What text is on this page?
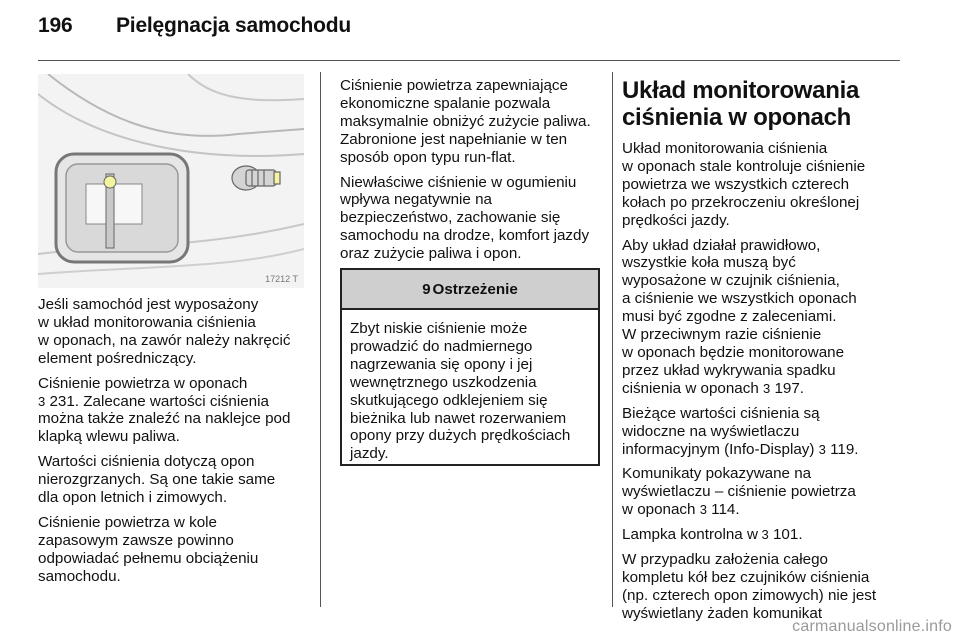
196 Pielęgnacja samochodu
17212 T

Jeśli samochód jest wyposażony
w układ monitorowania ciśnienia
w oponach, na zawór należy nakręcić
element pośredniczący.

Ciśnienie powietrza w oponach
3 231. Zalecane wartości ciśnienia
można także znaleźć na naklejce pod
klapką wlewu paliwa.

Wartości ciśnienia dotyczą opon
nierozgrzanych. Są one takie same
dla opon letnich i zimowych.

Ciśnienie powietrza w kole
zapasowym zawsze powinno
odpowiadać pełnemu obciążeniu
samochodu.

Ciśnienie powietrza zapewniające
ekonomiczne spalanie pozwala
maksymalnie obniżyć zużycie paliwa.
Zabronione jest napełnianie w ten
sposób opon typu run-flat.

Niewłaściwe ciśnienie w ogumieniu
wpływa negatywnie na
bezpieczeństwo, zachowanie się
samochodu na drodze, komfort jazdy
oraz zużycie paliwa i opon.

9 Ostrzeżenie
Zbyt niskie ciśnienie może
prowadzić do nadmiernego
nagrzewania się opony i jej
wewnętrznego uszkodzenia
skutkującego odklejeniem się
bieżnika lub nawet rozerwaniem
opony przy dużych prędkościach
jazdy.
Układ monitorowania
ciśnienia w oponach

Układ monitorowania ciśnienia
w oponach stale kontroluje ciśnienie
powietrza we wszystkich czterech
kołach po przekroczeniu określonej
prędkości jazdy.

Aby układ działał prawidłowo,
wszystkie koła muszą być
wyposażone w czujnik ciśnienia,
a ciśnienie we wszystkich oponach
musi być zgodne z zaleceniami.
W przeciwnym razie ciśnienie
w oponach będzie monitorowane
przez układ wykrywania spadku
ciśnienia w oponach 3 197.

Bieżące wartości ciśnienia są
widoczne na wyświetlaczu
informacyjnym (Info-Display) 3 119.

Komunikaty pokazywane na
wyświetlaczu – ciśnienie powietrza
w oponach 3 114.

Lampka kontrolna w 3 101.

W przypadku założenia całego
kompletu kół bez czujników ciśnienia
(np. czterech opon zimowych) nie jest
wyświetlany żaden komunikat

carmanualsonline.info
